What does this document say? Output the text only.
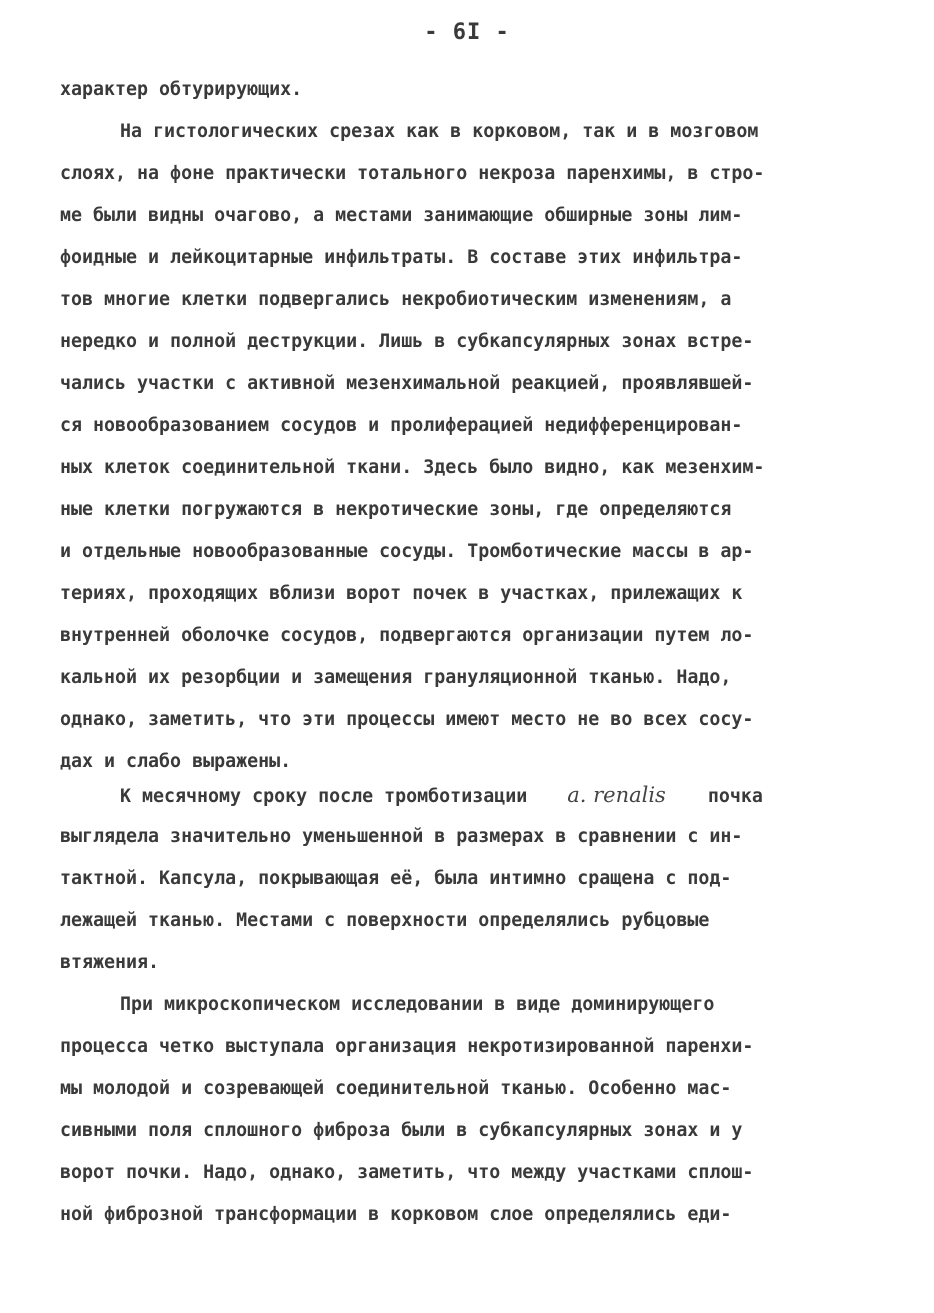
- 6I -
характер обтурирующих.
На гистологических срезах как в корковом, так и в мозговом
слоях, на фоне практически тотального некроза паренхимы, в стро-
ме были видны очагово, а местами занимающие обширные зоны лим-
фоидные и лейкоцитарные инфильтраты. В составе этих инфильтра-
тов многие клетки подвергались некробиотическим изменениям, а
нередко и полной деструкции. Лишь в субкапсулярных зонах встре-
чались участки с активной мезенхимальной реакцией, проявлявшей-
ся новообразованием сосудов и пролиферацией недифференцирован-
ных клеток соединительной ткани. Здесь было видно, как мезенхим-
ные клетки погружаются в некротические зоны, где определяются
и отдельные новообразованные сосуды. Тромботические массы в ар-
териях, проходящих вблизи ворот почек в участках, прилежащих к
внутренней оболочке сосудов, подвергаются организации путем ло-
кальной их резорбции и замещения грануляционной тканью. Надо,
однако, заметить, что эти процессы имеют место не во всех сосу-
дах и слабо выражены.
К месячному сроку после тромботизации a. renalis почка
выглядела значительно уменьшенной в размерах в сравнении с ин-
тактной. Капсула, покрывающая её, была интимно сращена с под-
лежащей тканью. Местами с поверхности определялись рубцовые
втяжения.
При микроскопическом исследовании в виде доминирующего
процесса четко выступала организация некротизированной паренхи-
мы молодой и созревающей соединительной тканью. Особенно мас-
сивными поля сплошного фиброза были в субкапсулярных зонах и у
ворот почки. Надо, однако, заметить, что между участками сплош-
ной фиброзной трансформации в корковом слое определялись еди-
